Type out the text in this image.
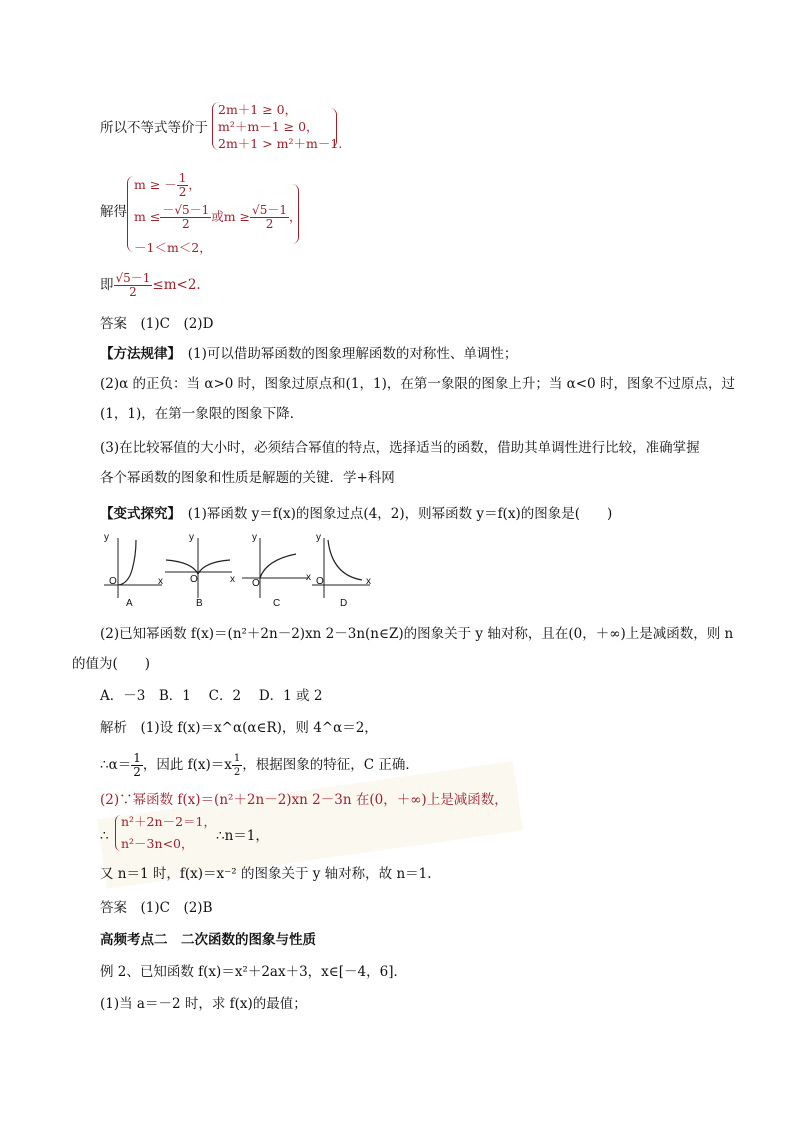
所以不等式等价于
2m＋1 ≥ 0，
m²＋m－1 ≥ 0，
2m＋1 > m²＋m－1.
解得
m ≥ － $\frac{1}{2}$ ，
$m \le \frac{-√5-1}{2}$ 或$m \ge \frac{√5-1}{2}$ ，
－1＜m＜2，
即 $\frac{√5-1}{2} \le m<2$.
答案　(1)C　(2)D
【方法规律】　(1)可以借助幂函数的图象理解函数的对称性、单调性；
(2)α 的正负：当 α>0 时，图象过原点和(1，1)，在第一象限的图象上升；当 α<0 时，图象不过原点，过
(1，1)，在第一象限的图象下降．
(3)在比较幂值的大小时，必须结合幂值的特点，选择适当的函数，借助其单调性进行比较，准确掌握
各个幂函数的图象和性质是解题的关键．学+科网
【变式探究】　(1)幂函数 y＝f(x)的图象过点(4，2)，则幂函数 y＝f(x)的图象是(　　)
y
O	x
A
y
O	x
B
y
O
x
C
y
O	x
D
(2)已知幂函数 f(x)＝(n²＋2n－2)xn 2－3n(n∈Z)的图象关于 y 轴对称，且在(0，＋∞)上是减函数，则 n
的值为(　　)
A．－3　B．1　 C．2　 D．1 或 2
解析　(1)设 f(x)＝x^α(α∈R)，则 4^α＝2，
∴α＝ $\frac{1}{2}$ ，因此 $f(x)=x \frac{1}{2}$ ，根据图象的特征，C 正确．
(2)∵幂函数 f(x)＝(n²＋2n－2)xn 2－3n 在(0，＋∞)上是减函数，
∴
n²＋2n－2＝1，
n²－3n<0， ∴n＝1，
又 n＝1 时，f(x)＝x⁻² 的图象关于 y 轴对称，故 n＝1.
答案　(1)C　(2)B
高频考点二　二次函数的图象与性质
例 2、已知函数 f(x)＝x²＋2ax＋3，x∈[－4，6]．
(1)当 a＝－2 时，求 f(x)的最值；
